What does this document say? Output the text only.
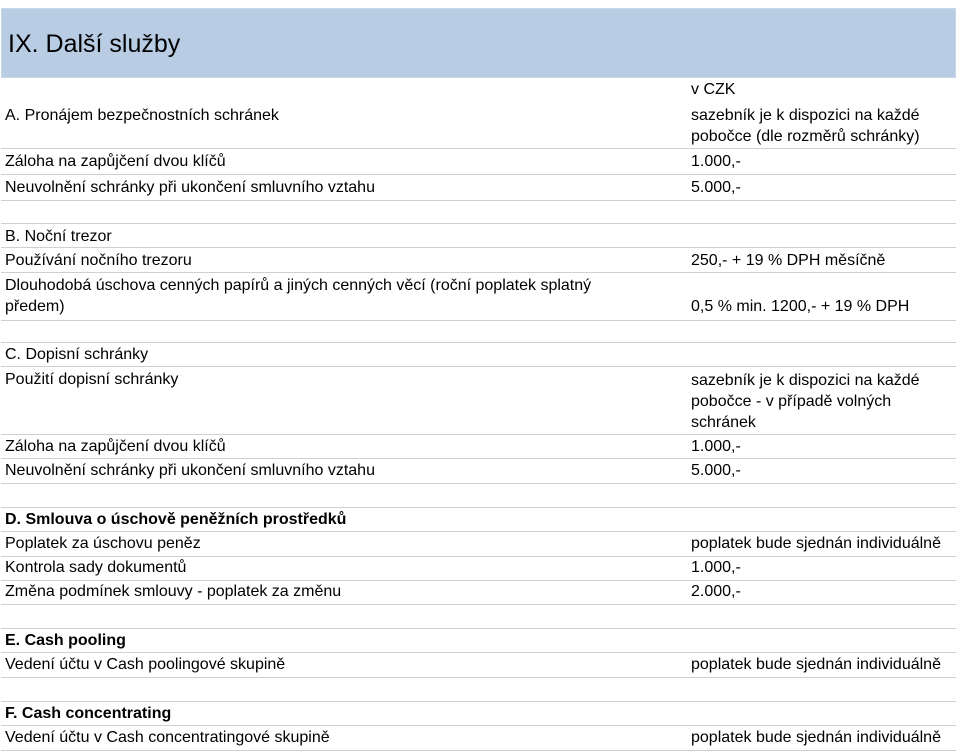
IX. Další služby
v CZK
A. Pronájem bezpečnostních schránek	sazebník je k dispozici na každé
pobočce (dle rozměrů schránky)
Záloha na zapůjčení dvou klíčů	1.000,-
Neuvolnění schránky při ukončení smluvního vztahu	5.000,-
B. Noční trezor
Používání nočního trezoru	250,- + 19 % DPH měsíčně
Dlouhodobá úschova cenných papírů a jiných cenných věcí (roční poplatek splatný
předem)	0,5 % min. 1200,- + 19 % DPH
C. Dopisní schránky
Použití dopisní schránky	sazebník je k dispozici na každé
pobočce - v případě volných
schránek
Záloha na zapůjčení dvou klíčů	1.000,-
Neuvolnění schránky při ukončení smluvního vztahu	5.000,-
D. Smlouva o úschově peněžních prostředků
Poplatek za úschovu peněz	poplatek bude sjednán individuálně
Kontrola sady dokumentů	1.000,-
Změna podmínek smlouvy - poplatek za změnu	2.000,-
E. Cash pooling
Vedení účtu v Cash poolingové skupině	poplatek bude sjednán individuálně
F. Cash concentrating
Vedení účtu v Cash concentratingové skupině	poplatek bude sjednán individuálně
